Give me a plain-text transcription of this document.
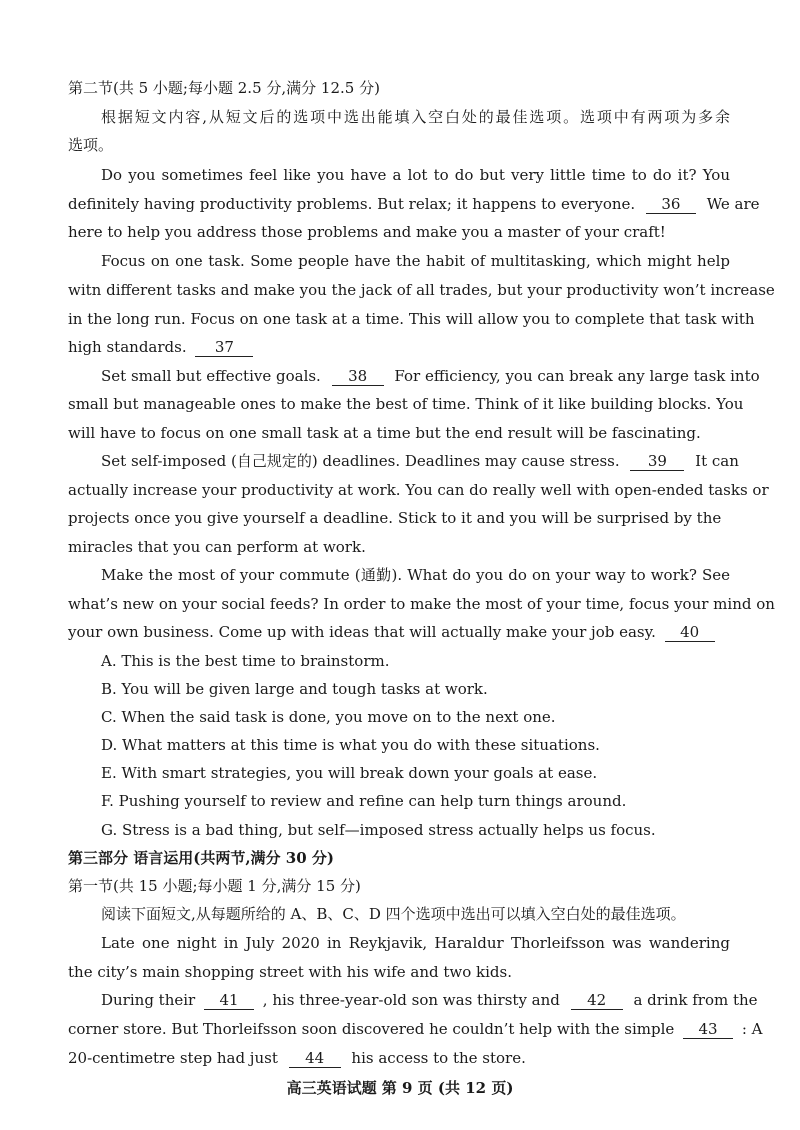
第二节(共 5 小题;每小题 2.5 分,满分 12.5 分)
根据短文内容,从短文后的选项中选出能填入空白处的最佳选项。选项中有两项为多余
选项。
Do you sometimes feel like you have a lot to do but very little time to do it? You
definitely having productivity problems. But relax; it happens to everyone. 36 We are
here to help you address those problems and make you a master of your craft!
Focus on one task. Some people have the habit of multitasking, which might help
witn different tasks and make you the jack of all trades, but your productivity won’t increase
in the long run. Focus on one task at a time. This will allow you to complete that task with
high standards. 37
Set small but effective goals. 38 For efficiency, you can break any large task into
small but manageable ones to make the best of time. Think of it like building blocks. You
will have to focus on one small task at a time but the end result will be fascinating.
Set self-imposed (自己规定的) deadlines. Deadlines may cause stress. 39 It can
actually increase your productivity at work. You can do really well with open-ended tasks or
projects once you give yourself a deadline. Stick to it and you will be surprised by the
miracles that you can perform at work.
Make the most of your commute (通勤). What do you do on your way to work? See
what’s new on your social feeds? In order to make the most of your time, focus your mind on
your own business. Come up with ideas that will actually make your job easy. 40
A. This is the best time to brainstorm.
B. You will be given large and tough tasks at work.
C. When the said task is done, you move on to the next one.
D. What matters at this time is what you do with these situations.
E. With smart strategies, you will break down your goals at ease.
F. Pushing yourself to review and refine can help turn things around.
G. Stress is a bad thing, but self—imposed stress actually helps us focus.
第三部分 语言运用(共两节,满分 30 分)
第一节(共 15 小题;每小题 1 分,满分 15 分)
阅读下面短文,从每题所给的 A、B、C、D 四个选项中选出可以填入空白处的最佳选项。
Late one night in July 2020 in Reykjavik, Haraldur Thorleifsson was wandering
the city’s main shopping street with his wife and two kids.
During their 41 , his three-year-old son was thirsty and 42 a drink from the
corner store. But Thorleifsson soon discovered he couldn’t help with the simple 43 : A
20-centimetre step had just 44 his access to the store.
高三英语试题 第 9 页 (共 12 页)
